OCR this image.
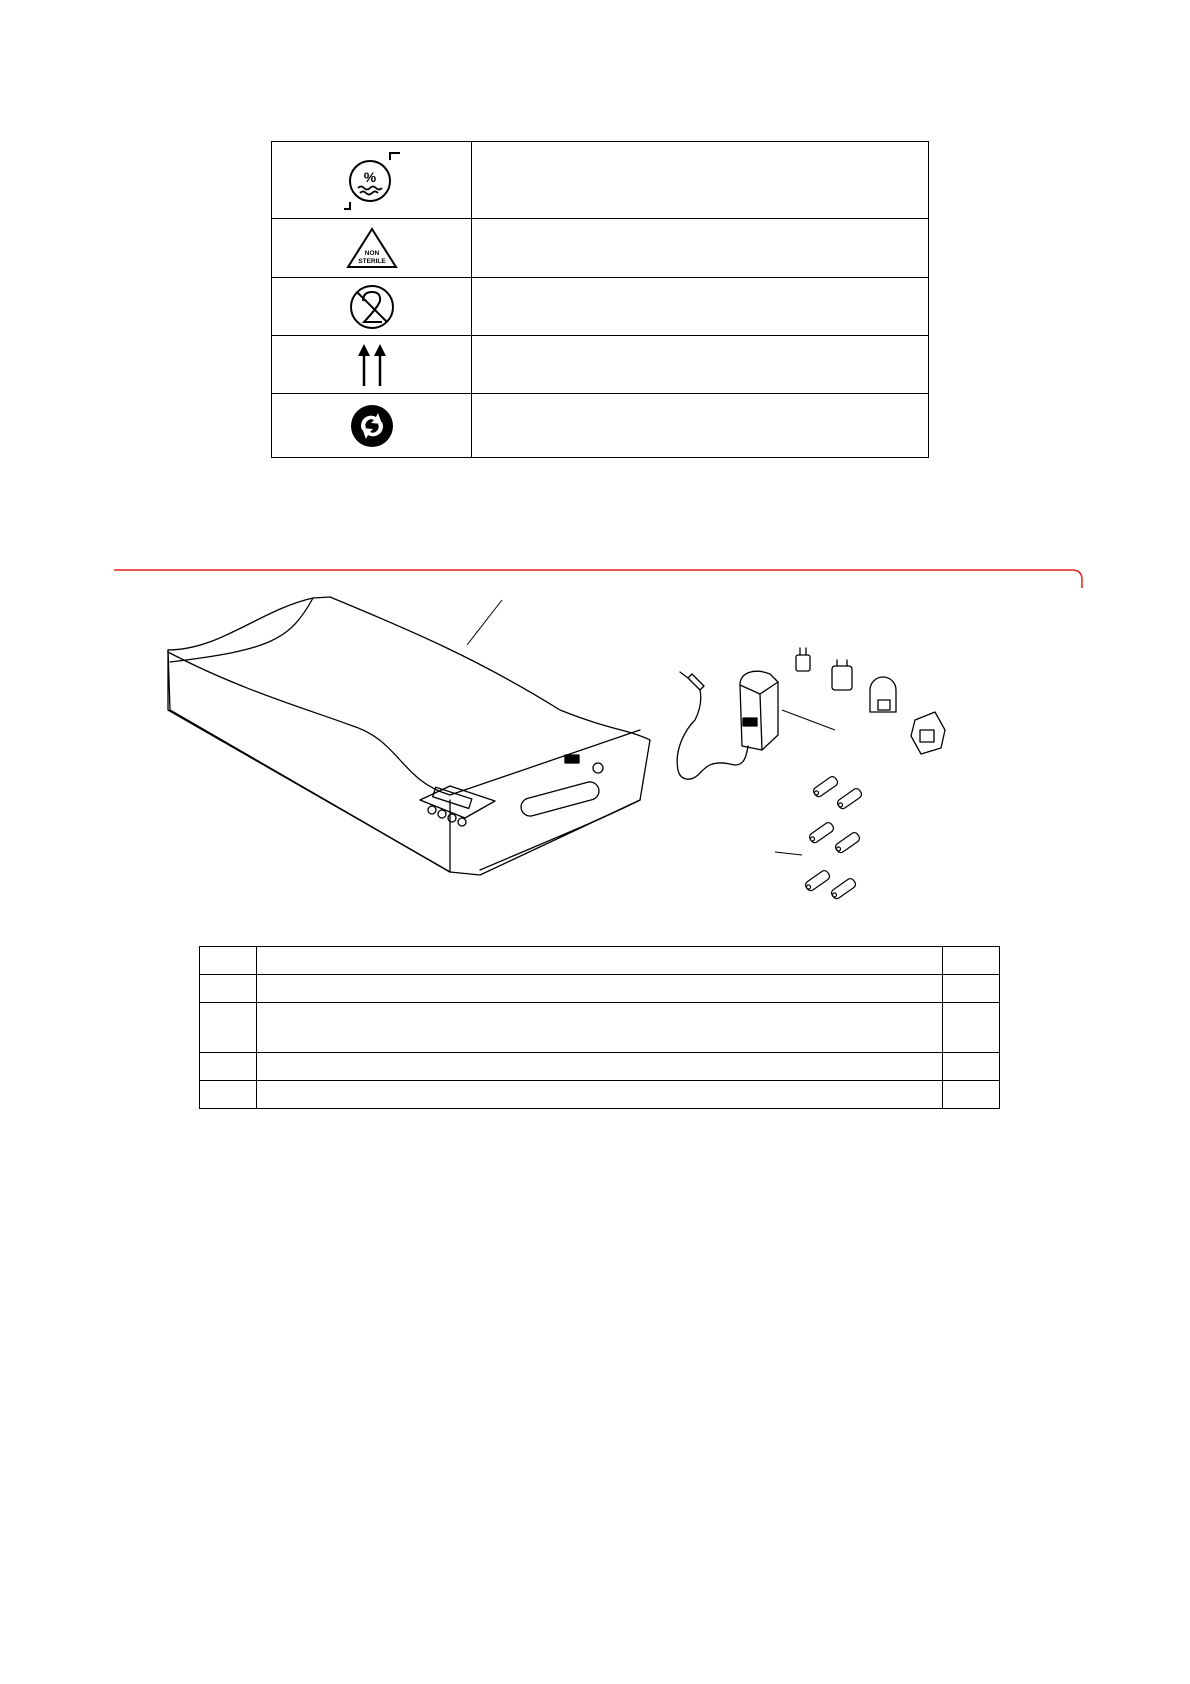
%	

NON
STERILE	
